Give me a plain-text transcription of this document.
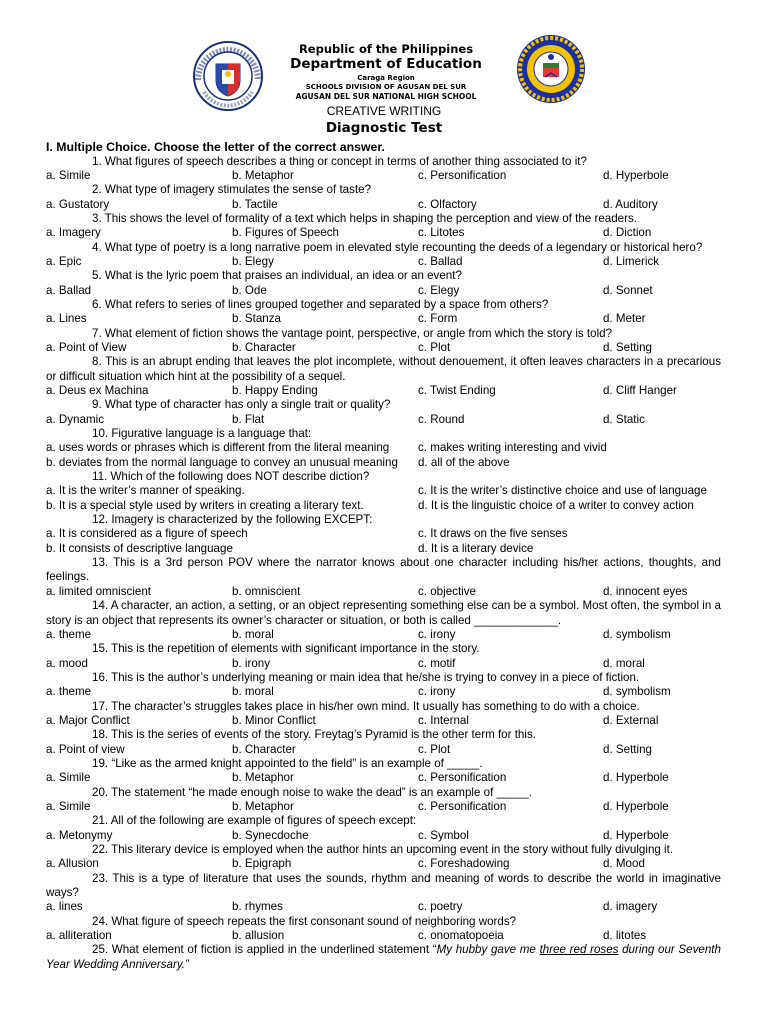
Republic of the Philippines
Department of Education
Caraga Region
SCHOOLS DIVISION OF AGUSAN DEL SUR
AGUSAN DEL SUR NATIONAL HIGH SCHOOL
CREATIVE WRITING
Diagnostic Test
I. Multiple Choice. Choose the letter of the correct answer.
1. What figures of speech describes a thing or concept in terms of another thing associated to it?
a. Simile	b. Metaphor	c. Personification	d. Hyperbole
2. What type of imagery stimulates the sense of taste?
a. Gustatory	b. Tactile	c. Olfactory	d. Auditory
3. This shows the level of formality of a text which helps in shaping the perception and view of the readers.
a. Imagery	b. Figures of Speech	c. Litotes	d. Diction
4. What type of poetry is a long narrative poem in elevated style recounting the deeds of a legendary or historical hero?
a. Epic	b. Elegy	c. Ballad	d. Limerick
5. What is the lyric poem that praises an individual, an idea or an event?
a. Ballad	b. Ode	c. Elegy	d. Sonnet
6. What refers to series of lines grouped together and separated by a space from others?
a. Lines	b. Stanza	c. Form	d. Meter
7. What element of fiction shows the vantage point, perspective, or angle from which the story is told?
a. Point of View	b. Character	c. Plot	d. Setting
8. This is an abrupt ending that leaves the plot incomplete, without denouement, it often leaves characters in a precarious or difficult situation which hint at the possibility of a sequel.
a. Deus ex Machina	b. Happy Ending	c. Twist Ending	d. Cliff Hanger
9. What type of character has only a single trait or quality?
a. Dynamic	b. Flat	c. Round	d. Static
10. Figurative language is a language that:
a. uses words or phrases which is different from the literal meaning c. makes writing interesting and vivid
b. deviates from the normal language to convey an unusual meaning d. all of the above
11. Which of the following does NOT describe diction?
a. It is the writer’s manner of speaking.	c. It is the writer’s distinctive choice and use of language
b. It is a special style used by writers in creating a literary text.	d. It is the linguistic choice of a writer to convey action
12. Imagery is characterized by the following EXCEPT:
a. It is considered as a figure of speech	c. It draws on the five senses
b. It consists of descriptive language	d. It is a literary device
13. This is a 3rd person POV where the narrator knows about one character including his/her actions, thoughts, and feelings.
a. limited omniscient	b. omniscient	c. objective	d. innocent eyes
14. A character, an action, a setting, or an object representing something else can be a symbol. Most often, the symbol in a story is an object that represents its owner’s character or situation, or both is called _____________.
a. theme	b. moral	c. irony	d. symbolism
15. This is the repetition of elements with significant importance in the story.
a. mood	b. irony	c. motif	d. moral
16. This is the author’s underlying meaning or main idea that he/she is trying to convey in a piece of fiction.
a. theme	b. moral	c. irony	d. symbolism
17. The character’s struggles takes place in his/her own mind. It usually has something to do with a choice.
a. Major Conflict	b. Minor Conflict	c. Internal	d. External
18. This is the series of events of the story. Freytag’s Pyramid is the other term for this.
a. Point of view	b. Character	c. Plot	d. Setting
19. “Like as the armed knight appointed to the field” is an example of _____.
a. Simile	b. Metaphor	c. Personification	d. Hyperbole
20. The statement “he made enough noise to wake the dead” is an example of _____.
a. Simile	b. Metaphor	c. Personification	d. Hyperbole
21. All of the following are example of figures of speech except:
a. Metonymy	b. Synecdoche	c. Symbol	d. Hyperbole
22. This literary device is employed when the author hints an upcoming event in the story without fully divulging it.
a. Allusion	b. Epigraph	c. Foreshadowing	d. Mood
23. This is a type of literature that uses the sounds, rhythm and meaning of words to describe the world in imaginative ways?
a. lines	b. rhymes	c. poetry	d. imagery
24. What figure of speech repeats the first consonant sound of neighboring words?
a. alliteration	b. allusion	c. onomatopoeia	d. litotes
25. What element of fiction is applied in the underlined statement “My hubby gave me three red roses during our Seventh Year Wedding Anniversary.”
